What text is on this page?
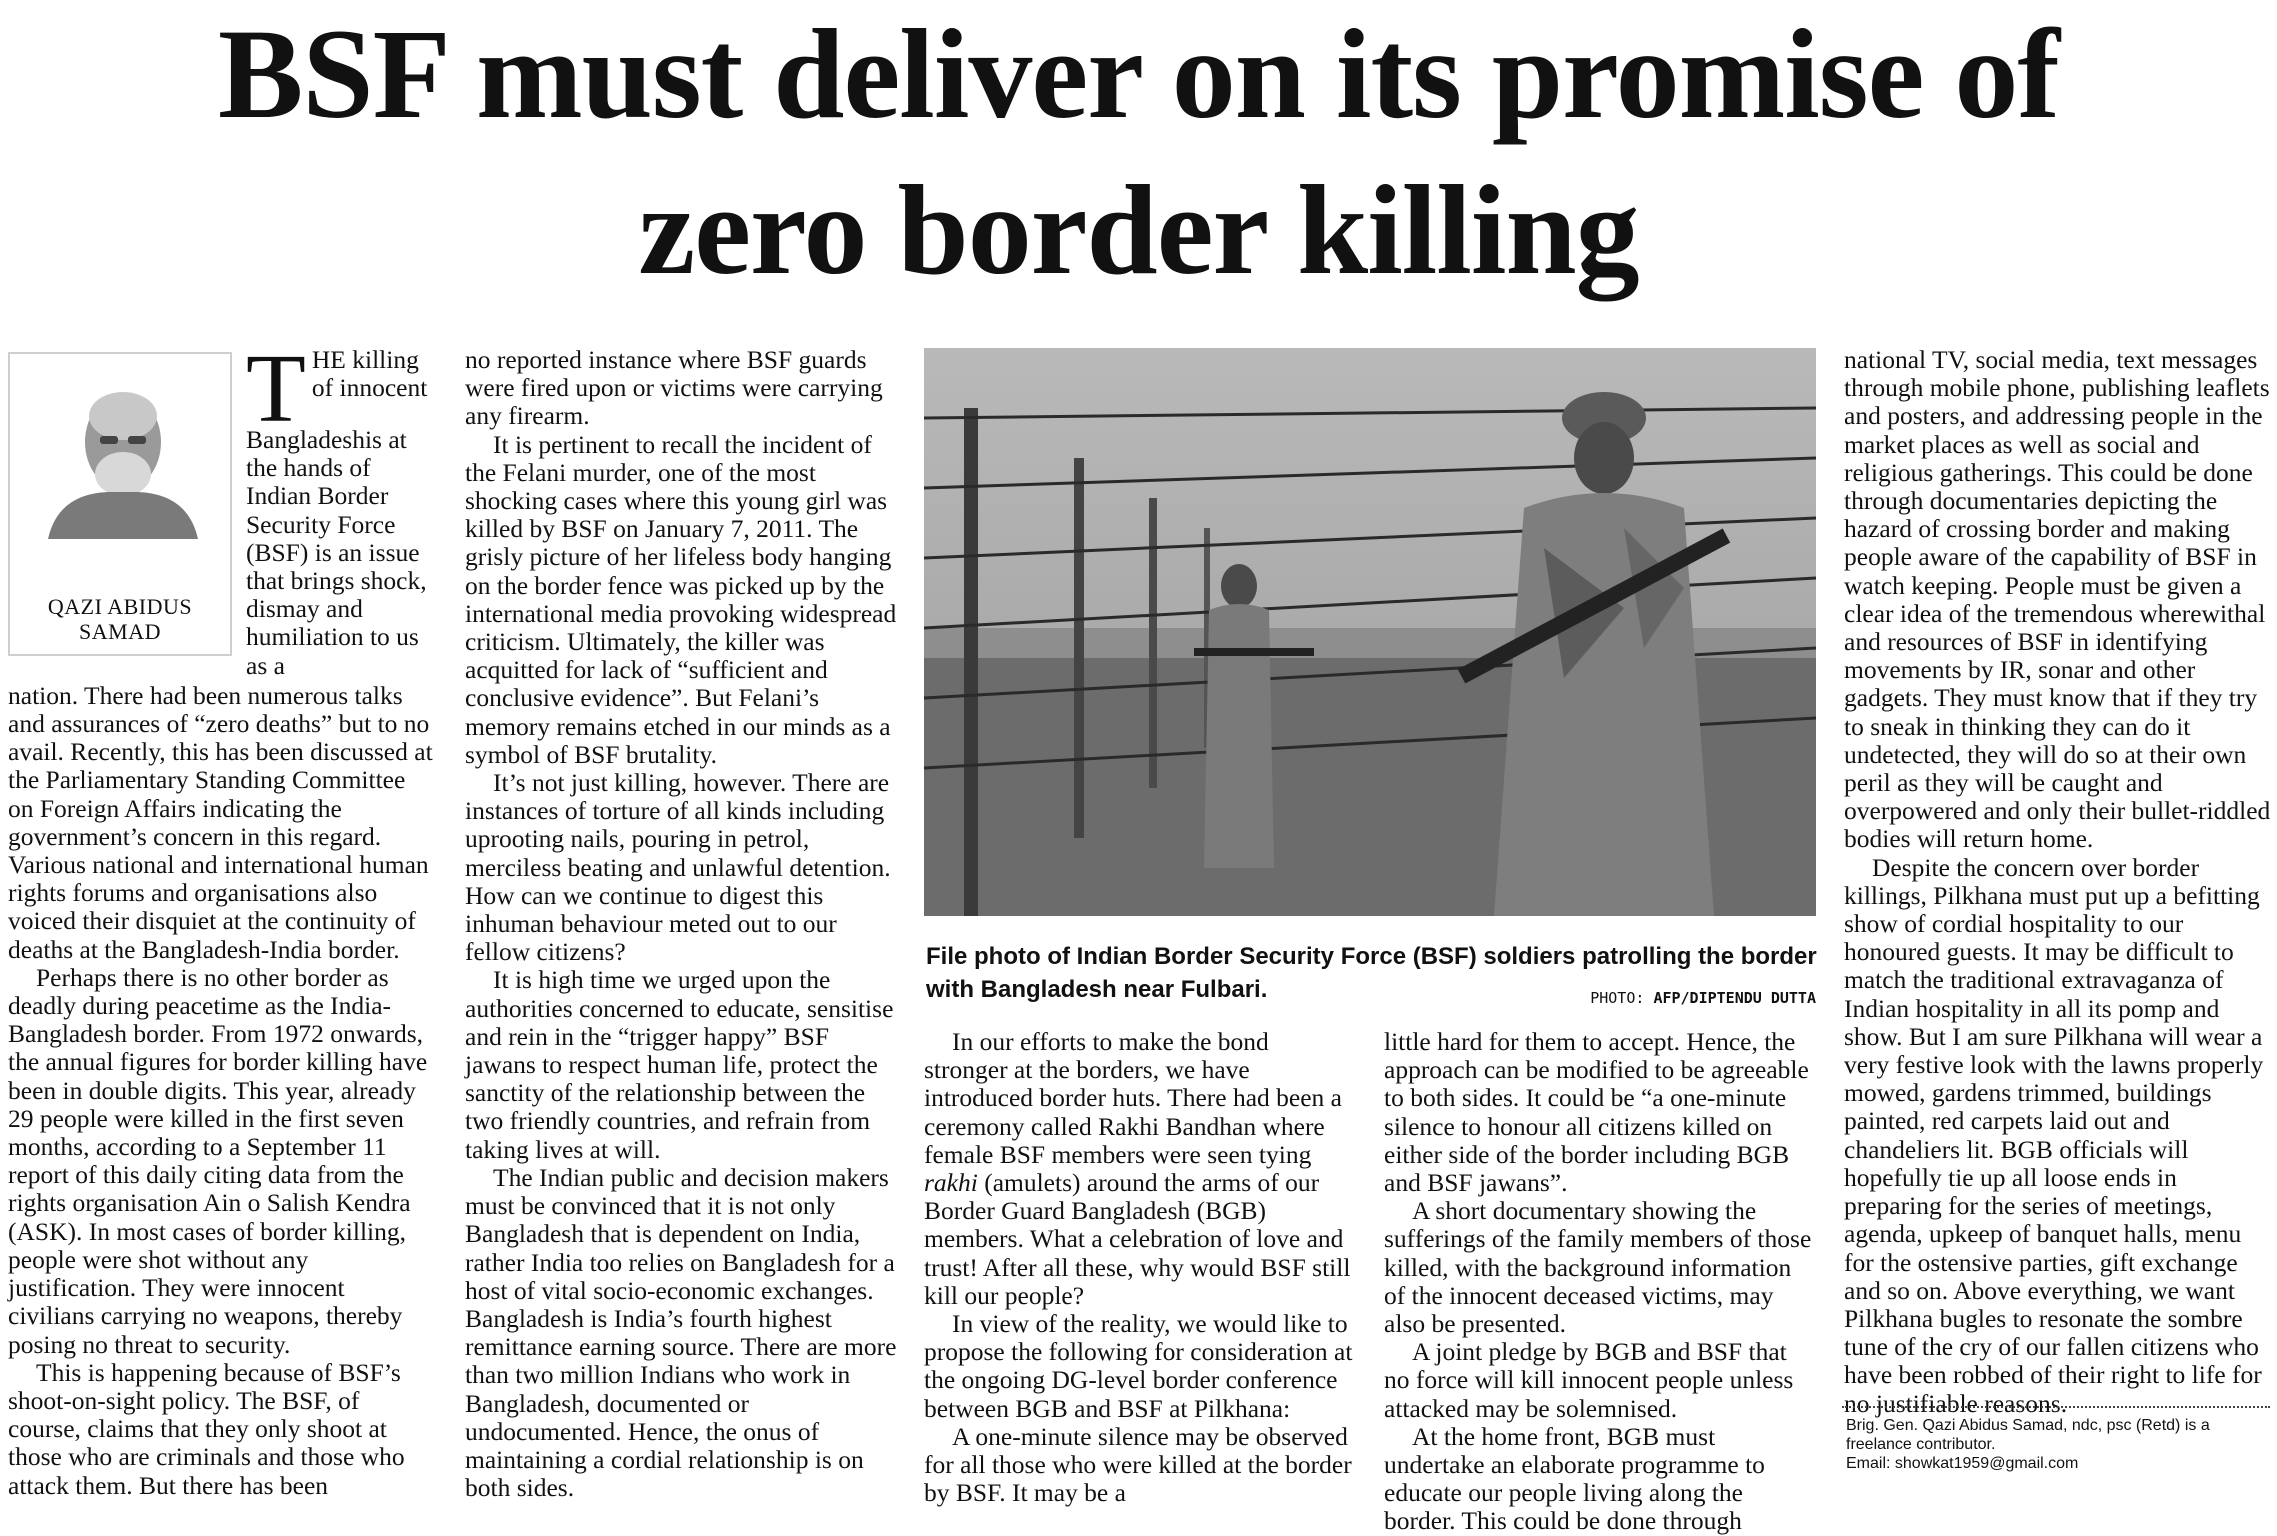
BSF must deliver on its promise of
zero border killing
QAZI ABIDUS SAMAD
T HE killing of innocent Bangladeshis at the hands of Indian Border Security Force (BSF) is an issue that brings shock, dismay and humiliation to us as a

nation. There had been numerous talks and assurances of “zero deaths” but to no avail. Recently, this has been discussed at the Parliamentary Standing Committee on Foreign Affairs indicating the government’s concern in this regard. Various national and international human rights forums and organisations also voiced their disquiet at the continuity of deaths at the Bangladesh-India border.

Perhaps there is no other border as deadly during peacetime as the India-Bangladesh border. From 1972 onwards, the annual figures for border killing have been in double digits. This year, already 29 people were killed in the first seven months, according to a September 11 report of this daily citing data from the rights organisation Ain o Salish Kendra (ASK). In most cases of border killing, people were shot without any justification. They were innocent civilians carrying no weapons, thereby posing no threat to security.

This is happening because of BSF’s shoot-on-sight policy. The BSF, of course, claims that they only shoot at those who are criminals and those who attack them. But there has been

no reported instance where BSF guards were fired upon or victims were carrying any firearm.

It is pertinent to recall the incident of the Felani murder, one of the most shocking cases where this young girl was killed by BSF on January 7, 2011. The grisly picture of her lifeless body hanging on the border fence was picked up by the international media provoking widespread criticism. Ultimately, the killer was acquitted for lack of “sufficient and conclusive evidence”. But Felani’s memory remains etched in our minds as a symbol of BSF brutality.

It’s not just killing, however. There are instances of torture of all kinds including uprooting nails, pouring in petrol, merciless beating and unlawful detention. How can we continue to digest this inhuman behaviour meted out to our fellow citizens?

It is high time we urged upon the authorities concerned to educate, sensitise and rein in the “trigger happy” BSF jawans to respect human life, protect the sanctity of the relationship between the two friendly countries, and refrain from taking lives at will.

The Indian public and decision makers must be convinced that it is not only Bangladesh that is dependent on India, rather India too relies on Bangladesh for a host of vital socio-economic exchanges. Bangladesh is India’s fourth highest remittance earning source. There are more than two million Indians who work in Bangladesh, documented or undocumented. Hence, the onus of maintaining a cordial relationship is on both sides.

File photo of Indian Border Security Force (BSF) soldiers patrolling the border with Bangladesh near Fulbari.	PHOTO: AFP/DIPTENDU DUTTA

In our efforts to make the bond stronger at the borders, we have introduced border huts. There had been a ceremony called Rakhi Bandhan where female BSF members were seen tying rakhi (amulets) around the arms of our Border Guard Bangladesh (BGB) members. What a celebration of love and trust! After all these, why would BSF still kill our people?

In view of the reality, we would like to propose the following for consideration at the ongoing DG-level border conference between BGB and BSF at Pilkhana:

A one-minute silence may be observed for all those who were killed at the border by BSF. It may be a

little hard for them to accept. Hence, the approach can be modified to be agreeable to both sides. It could be “a one-minute silence to honour all citizens killed on either side of the border including BGB and BSF jawans”.

A short documentary showing the sufferings of the family members of those killed, with the background information of the innocent deceased victims, may also be presented.

A joint pledge by BGB and BSF that no force will kill innocent people unless attacked may be solemnised.

At the home front, BGB must undertake an elaborate programme to educate our people living along the border. This could be done through

national TV, social media, text messages through mobile phone, publishing leaflets and posters, and addressing people in the market places as well as social and religious gatherings. This could be done through documentaries depicting the hazard of crossing border and making people aware of the capability of BSF in watch keeping. People must be given a clear idea of the tremendous wherewithal and resources of BSF in identifying movements by IR, sonar and other gadgets. They must know that if they try to sneak in thinking they can do it undetected, they will do so at their own peril as they will be caught and overpowered and only their bullet-riddled bodies will return home.

Despite the concern over border killings, Pilkhana must put up a befitting show of cordial hospitality to our honoured guests. It may be difficult to match the traditional extravaganza of Indian hospitality in all its pomp and show. But I am sure Pilkhana will wear a very festive look with the lawns properly mowed, gardens trimmed, buildings painted, red carpets laid out and chandeliers lit. BGB officials will hopefully tie up all loose ends in preparing for the series of meetings, agenda, upkeep of banquet halls, menu for the ostensive parties, gift exchange and so on. Above everything, we want Pilkhana bugles to resonate the sombre tune of the cry of our fallen citizens who have been robbed of their right to life for no justifiable reasons.

Brig. Gen. Qazi Abidus Samad, ndc, psc (Retd) is a freelance contributor.
Email: showkat1959@gmail.com
